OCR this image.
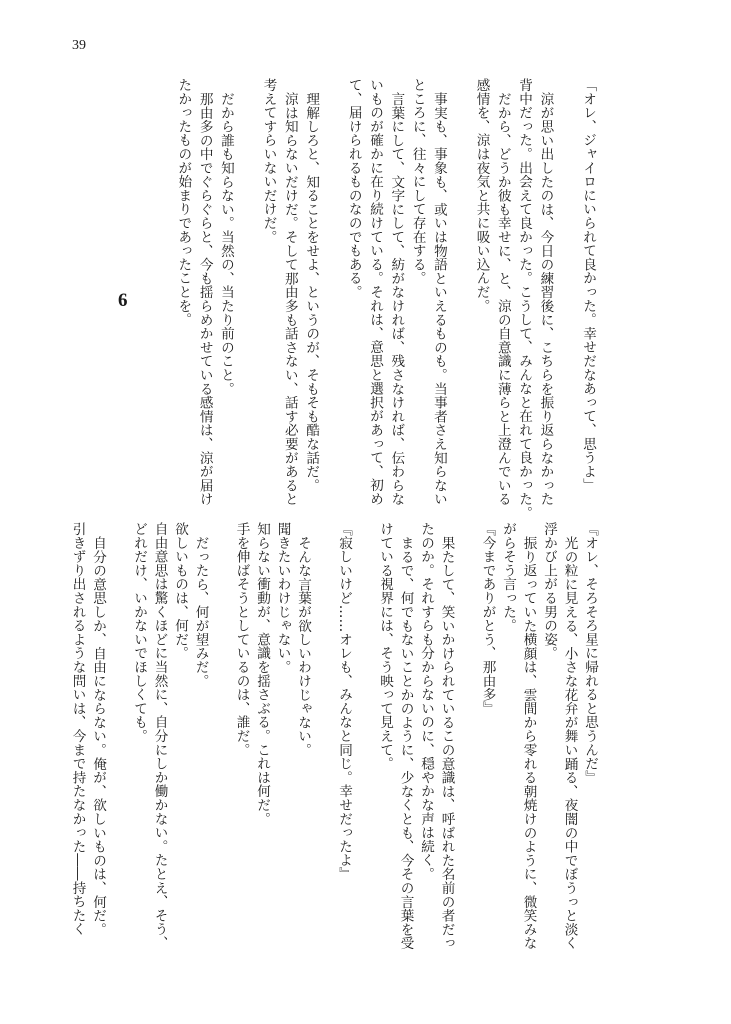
39
6	「オレ、ジャイロにいられて良かった。幸せだなあって、思うよ」
涼が思い出したのは、今日の練習後に、こちらを振り返らなかった
背中だった。出会えて良かった。こうして、みんなと在れて良かった。
だから、どうか彼も幸せに、と、涼の自意識に薄らと上澄んでいる
感情を、涼は夜気と共に吸い込んだ。
事実も、事象も、或いは物語といえるものも。当事者さえ知らない
ところに、往々にして存在する。
言葉にして、文字にして、紡がなければ、残さなければ、伝わらな
いものが確かに在り続けている。それは、意思と選択があって、初め
て、届けられるものなのでもある。
理解しろと、知ることをせよ、というのが、そもそも酷な話だ。
涼は知らないだけだ。そして那由多も話さない、話す必要があると
考えてすらいないだけだ。
だから誰も知らない。当然の、当たり前のこと。
那由多の中でぐらぐらと、今も揺らめかせている感情は、涼が届け
たかったものが始まりであったことを。
『オレ、そろそろ星に帰れると思うんだ』
光の粒に見える、小さな花弁が舞い踊る、夜闇の中でぼうっと淡く
浮かび上がる男の姿。
振り返っていた横顔は、雲間から零れる朝焼けのように、微笑みな
がらそう言った。
『今までありがとう、那由多』
果たして、笑いかけられているこの意識は、呼ばれた名前の者だっ
たのか。それすらも分からないのに、穏やかな声は続く。
まるで、何でもないことかのように、少なくとも、今その言葉を受
けている視界には、そう映って見えて。
『寂しいけど……オレも、みんなと同じ。幸せだったよ』
そんな言葉が欲しいわけじゃない。
聞きたいわけじゃない。
知らない衝動が、意識を揺さぶる。これは何だ。
手を伸ばそうとしているのは、誰だ。
だったら、何が望みだ。
欲しいものは、何だ。
自由意思は驚くほどに当然に、自分にしか働かない。たとえ、そう、
どれだけ、いかないでほしくても。
自分の意思しか、自由にならない。俺が、欲しいものは、何だ。
引きずり出されるような問いは、今まで持たなかった――持ちたく
